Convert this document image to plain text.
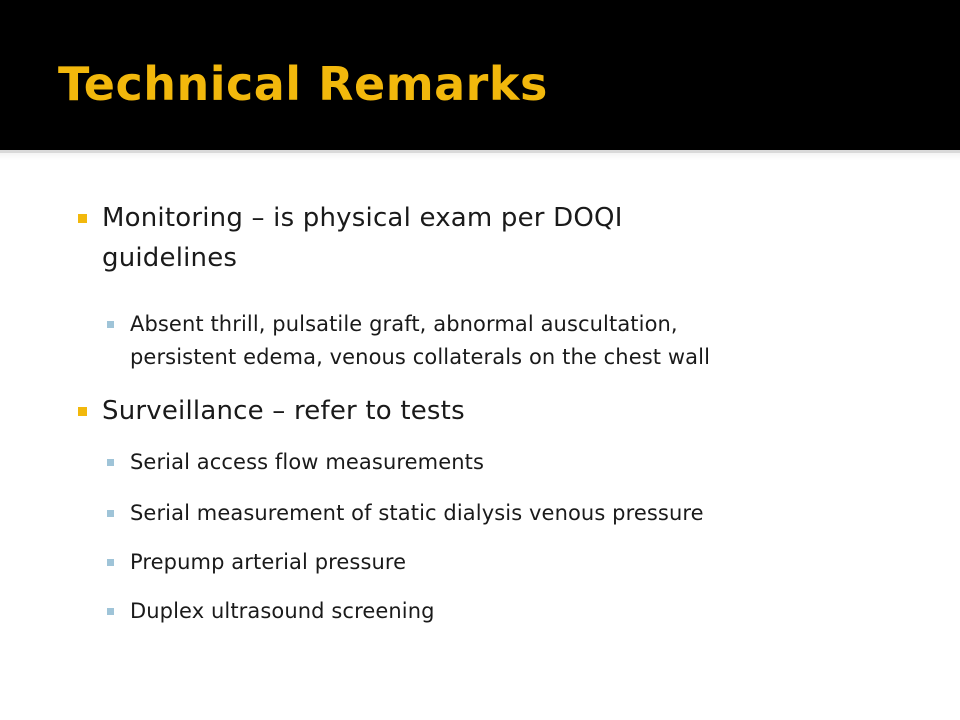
Technical Remarks
Monitoring – is physical exam per DOQI
guidelines
Absent thrill, pulsatile graft, abnormal auscultation,
persistent edema, venous collaterals on the chest wall
Surveillance – refer to tests
Serial access flow measurements
Serial measurement of static dialysis venous pressure
Prepump arterial pressure
Duplex ultrasound screening
